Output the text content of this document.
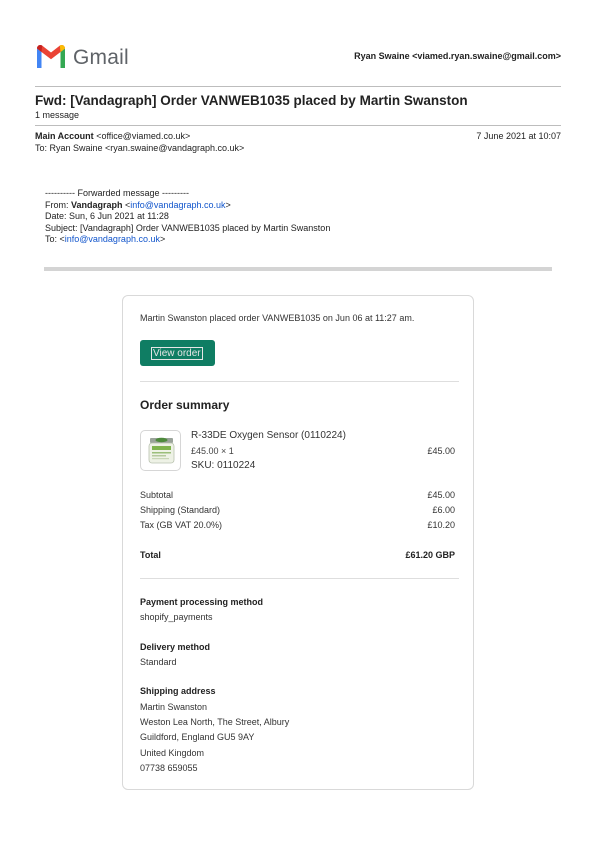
Gmail	Ryan Swaine <viamed.ryan.swaine@gmail.com>
Fwd: [Vandagraph] Order VANWEB1035 placed by Martin Swanston
1 message
Main Account <office@viamed.co.uk>	7 June 2021 at 10:07
To: Ryan Swaine <ryan.swaine@vandagraph.co.uk>
---------- Forwarded message ---------
From: Vandagraph <info@vandagraph.co.uk>
Date: Sun, 6 Jun 2021 at 11:28
Subject: [Vandagraph] Order VANWEB1035 placed by Martin Swanston
To: <info@vandagraph.co.uk>
Martin Swanston placed order VANWEB1035 on Jun 06 at 11:27 am.
View order
Order summary
R-33DE Oxygen Sensor (0110224)
£45.00 × 1
SKU: 0110224
£45.00
Subtotal	£45.00
Shipping (Standard)	£6.00
Tax (GB VAT 20.0%)	£10.20
Total	£61.20 GBP
Payment processing method
shopify_payments
Delivery method
Standard
Shipping address
Martin Swanston
Weston Lea North, The Street, Albury
Guildford, England GU5 9AY
United Kingdom
07738 659055
